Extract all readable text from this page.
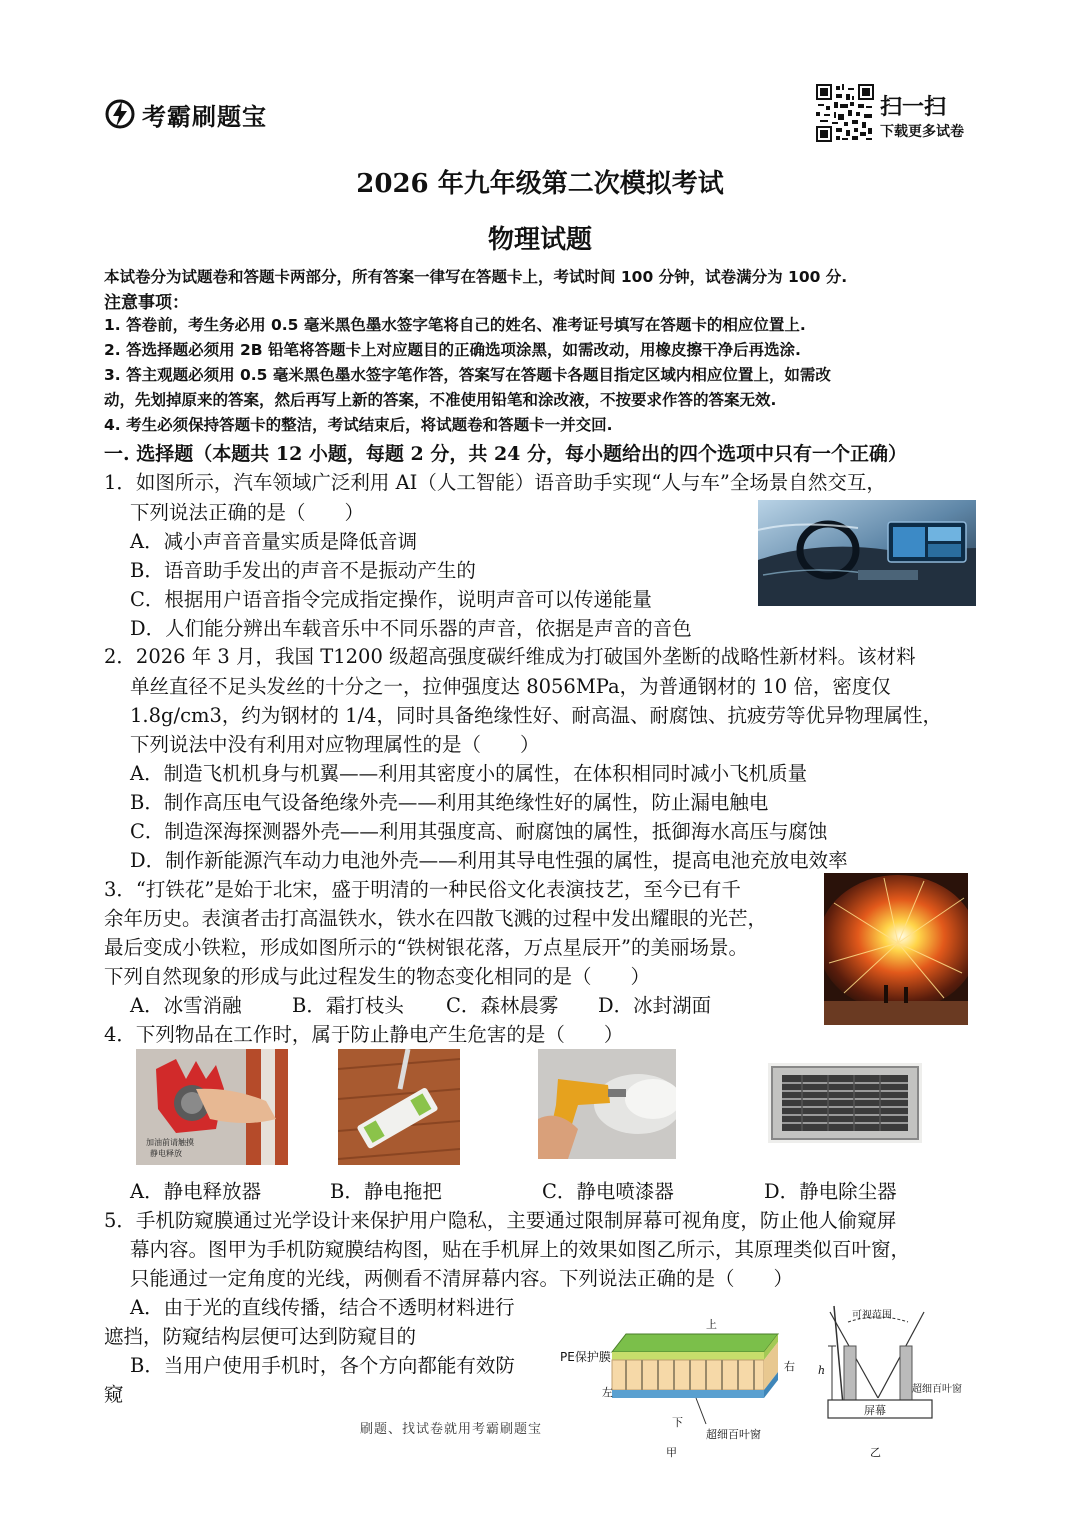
考霸刷题宝	扫一扫
下载更多试卷
2026 年九年级第二次模拟考试
物理试题
本试卷分为试题卷和答题卡两部分，所有答案一律写在答题卡上，考试时间 100 分钟，试卷满分为 100 分.
注意事项：
1. 答卷前，考生务必用 0.5 毫米黑色墨水签字笔将自己的姓名、准考证号填写在答题卡的相应位置上.
2. 答选择题必须用 2B 铅笔将答题卡上对应题目的正确选项涂黑，如需改动，用橡皮擦干净后再选涂.
3. 答主观题必须用 0.5 毫米黑色墨水签字笔作答，答案写在答题卡各题目指定区域内相应位置上，如需改
动，先划掉原来的答案，然后再写上新的答案，不准使用铅笔和涂改液，不按要求作答的答案无效.
4. 考生必须保持答题卡的整洁，考试结束后，将试题卷和答题卡一并交回.
一. 选择题（本题共 12 小题，每题 2 分，共 24 分，每小题给出的四个选项中只有一个正确）
1．如图所示，汽车领域广泛利用 AI（人工智能）语音助手实现“人与车”全场景自然交互，
下列说法正确的是（　　）
A．减小声音音量实质是降低音调
B．语音助手发出的声音不是振动产生的
C．根据用户语音指令完成指定操作，说明声音可以传递能量
D．人们能分辨出车载音乐中不同乐器的声音，依据是声音的音色
2．2026 年 3 月，我国 T1200 级超高强度碳纤维成为打破国外垄断的战略性新材料。该材料
单丝直径不足头发丝的十分之一，拉伸强度达 8056MPa，为普通钢材的 10 倍，密度仅
1.8g/cm3，约为钢材的 1/4，同时具备绝缘性好、耐高温、耐腐蚀、抗疲劳等优异物理属性，
下列说法中没有利用对应物理属性的是（　　）
A．制造飞机机身与机翼——利用其密度小的属性，在体积相同时减小飞机质量
B．制作高压电气设备绝缘外壳——利用其绝缘性好的属性，防止漏电触电
C．制造深海探测器外壳——利用其强度高、耐腐蚀的属性，抵御海水高压与腐蚀
D．制作新能源汽车动力电池外壳——利用其导电性强的属性，提高电池充放电效率
3．“打铁花”是始于北宋，盛于明清的一种民俗文化表演技艺，至今已有千
余年历史。表演者击打高温铁水，铁水在四散飞溅的过程中发出耀眼的光芒，
最后变成小铁粒，形成如图所示的“铁树银花落，万点星辰开”的美丽场景。
下列自然现象的形成与此过程发生的物态变化相同的是（　　）
A．冰雪消融	B．霜打枝头 C．森林晨雾 D．冰封湖面
4．下列物品在工作时，属于防止静电产生危害的是（　　）
加油前请触摸
静电释放
A．静电释放器	B．静电拖把	C．静电喷漆器	D．静电除尘器
5．手机防窥膜通过光学设计来保护用户隐私，主要通过限制屏幕可视角度，防止他人偷窥屏
幕内容。图甲为手机防窥膜结构图，贴在手机屏上的效果如图乙所示，其原理类似百叶窗，
只能通过一定角度的光线，两侧看不清屏幕内容。下列说法正确的是（　　）
A．由于光的直线传播，结合不透明材料进行
遮挡，防窥结构层便可达到防窥目的
B．当用户使用手机时，各个方向都能有效防
窥
PE保护膜
上
右
左
下
超细百叶窗
甲
可视范围
h
超细百叶窗
屏幕
乙
刷题、找试卷就用考霸刷题宝
